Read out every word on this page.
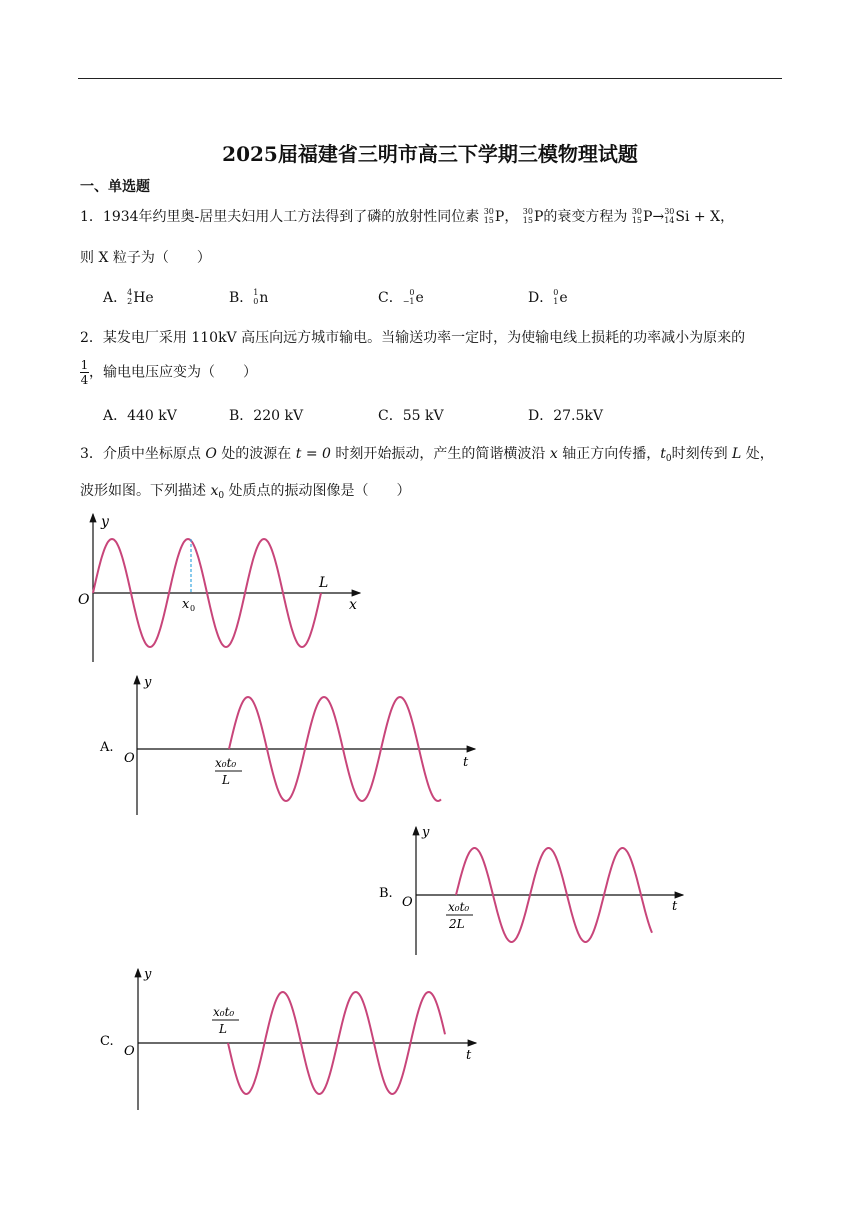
2025届福建省三明市高三下学期三模物理试题
一、单选题
1．1934年约里奥-居里夫妇用人工方法得到了磷的放射性同位素 30
15 P， 30
15 P的衰变方程为 30
15 P→ 30
14 Si + X，
则 X 粒子为（　　）
A． 4
2 He	B． 1
0 n	C． 0
−1 e	D． 0
1 e
2．某发电厂采用 110kV 高压向远方城市输电。当输送功率一定时，为使输电线上损耗的功率减小为原来的
$\frac{1}{4}$ ，输电电压应变为（　　）
A．440 kV	B．220 kV	C．55 kV	D．27.5kV
3．介质中坐标原点 O 处的波源在 t = 0 时刻开始振动，产生的简谐横波沿 x 轴正方向传播，$t_0$时刻传到 L 处，
波形如图。下列描述 $x_0$ 处质点的振动图像是（　　）
y
x
O
L
x 0
A.
y
t
O	x₀t₀
L
B.
y
t
O	x₀t₀
2L
C.
y
t
O
x₀t₀
L
